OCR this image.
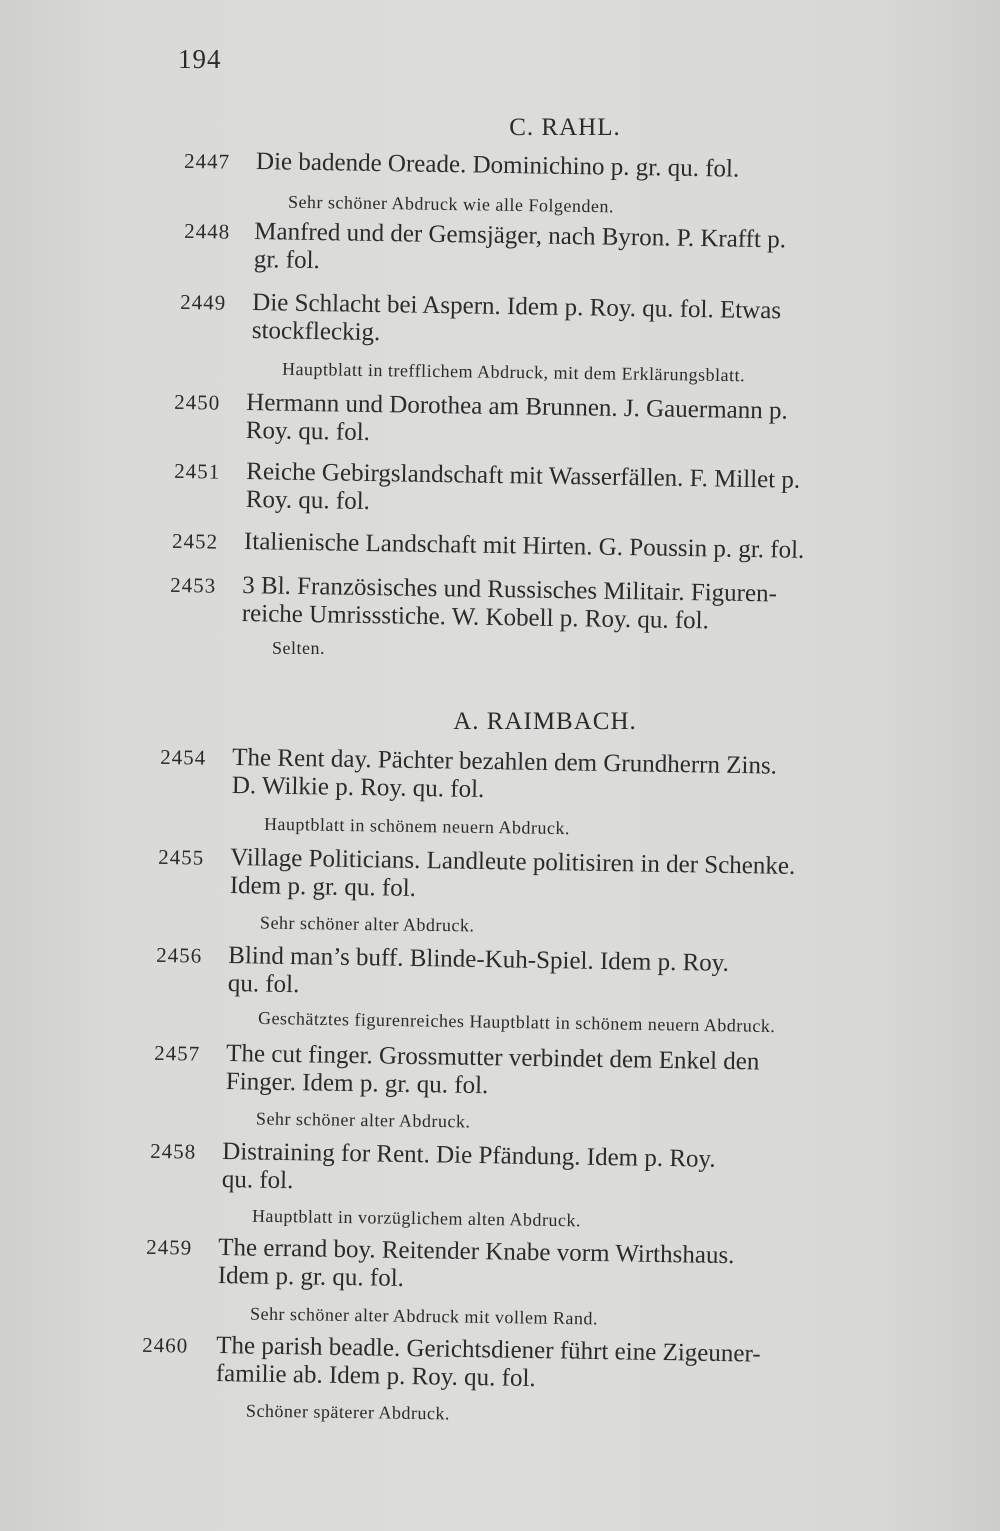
194
C. RAHL.
2447 Die badende Oreade. Dominichino p. gr. qu. fol.
Sehr schöner Abdruck wie alle Folgenden.
2448 Manfred und der Gemsjäger, nach Byron. P. Krafft p.
gr. fol.
2449 Die Schlacht bei Aspern. Idem p. Roy. qu. fol. Etwas
stockfleckig.
Hauptblatt in trefflichem Abdruck, mit dem Erklärungsblatt.
2450 Hermann und Dorothea am Brunnen. J. Gauermann p.
Roy. qu. fol.
2451 Reiche Gebirgslandschaft mit Wasserfällen. F. Millet p.
Roy. qu. fol.
2452 Italienische Landschaft mit Hirten. G. Poussin p. gr. fol.
2453 3 Bl. Französisches und Russisches Militair. Figuren-
reiche Umrissstiche. W. Kobell p. Roy. qu. fol.
Selten.
A. RAIMBACH.
2454 The Rent day. Pächter bezahlen dem Grundherrn Zins.
D. Wilkie p. Roy. qu. fol.
Hauptblatt in schönem neuern Abdruck.
2455 Village Politicians. Landleute politisiren in der Schenke.
Idem p. gr. qu. fol.
Sehr schöner alter Abdruck.
2456 Blind man’s buff. Blinde-Kuh-Spiel. Idem p. Roy.
qu. fol.
Geschätztes figurenreiches Hauptblatt in schönem neuern Abdruck.
2457 The cut finger. Grossmutter verbindet dem Enkel den
Finger. Idem p. gr. qu. fol.
Sehr schöner alter Abdruck.
2458 Distraining for Rent. Die Pfändung. Idem p. Roy.
qu. fol.
Hauptblatt in vorzüglichem alten Abdruck.
2459 The errand boy. Reitender Knabe vorm Wirthshaus.
Idem p. gr. qu. fol.
Sehr schöner alter Abdruck mit vollem Rand.
2460 The parish beadle. Gerichtsdiener führt eine Zigeuner-
familie ab. Idem p. Roy. qu. fol.
Schöner späterer Abdruck.
